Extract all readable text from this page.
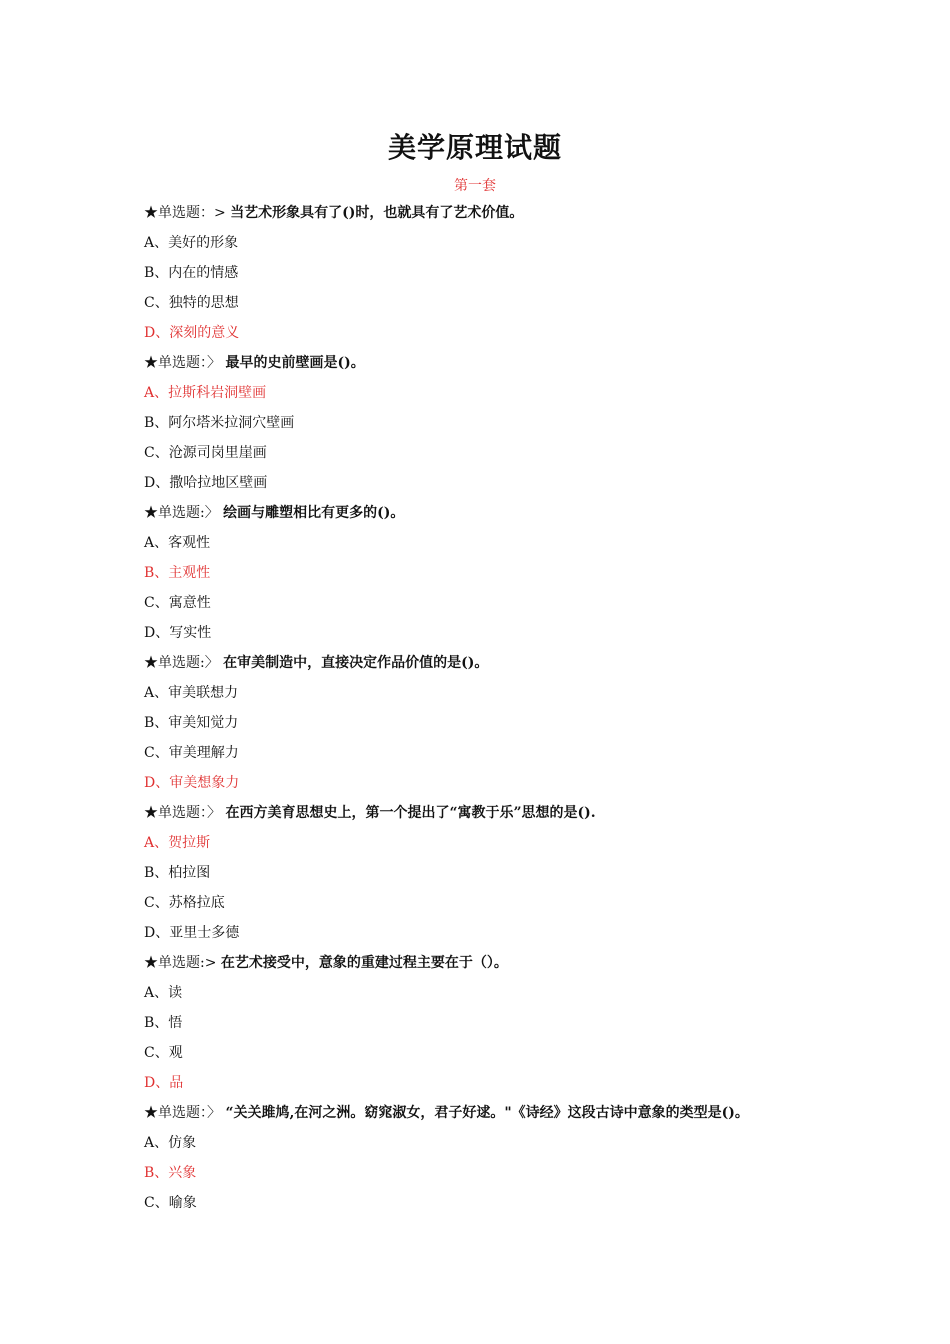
美学原理试题
第一套
★单选题：> 当艺术形象具有了()时，也就具有了艺术价值。
A、美好的形象
B、内在的情感
C、独特的思想
D、深刻的意义
★单选题：〉 最早的史前壁画是()。
A、拉斯科岩洞壁画
B、阿尔塔米拉洞穴壁画
C、沧源司岗里崖画
D、撒哈拉地区壁画
★单选题:〉 绘画与雕塑相比有更多的()。
A、客观性
B、主观性
C、寓意性
D、写实性
★单选题:〉 在审美制造中，直接决定作品价值的是()。
A、审美联想力
B、审美知觉力
C、审美理解力
D、审美想象力
★单选题：〉 在西方美育思想史上，第一个提出了“寓教于乐”思想的是().
A、贺拉斯
B、柏拉图
C、苏格拉底
D、亚里士多德
★单选题:> 在艺术接受中，意象的重建过程主要在于（）。
A、读
B、悟
C、观
D、品
★单选题：〉 “关关雎鸠,在河之洲。窈窕淑女，君子好逑。"《诗经》这段古诗中意象的类型是()。
A、仿象
B、兴象
C、喻象
